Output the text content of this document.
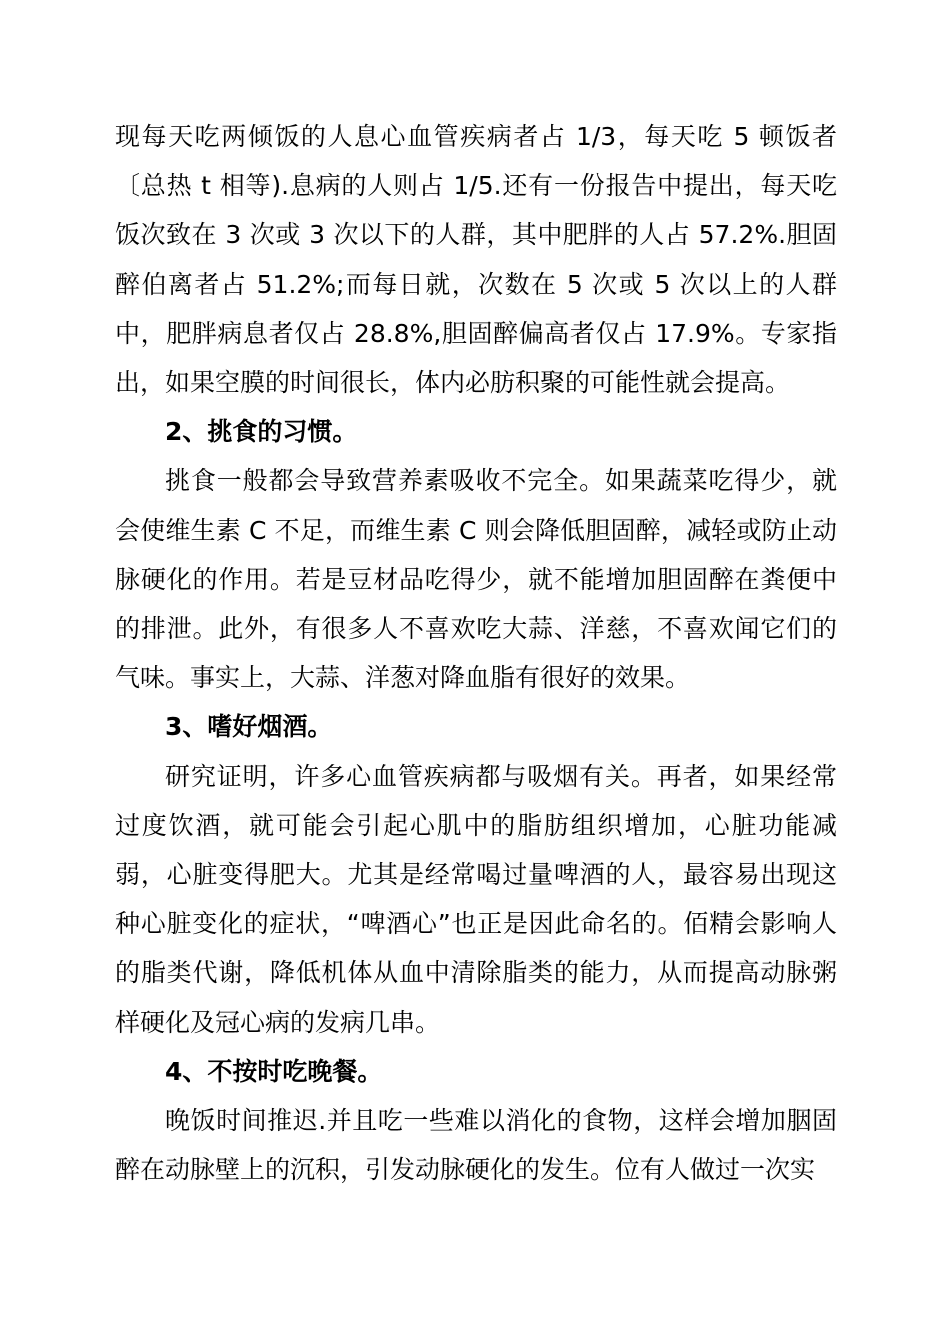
现每天吃两倾饭的人息心血管疾病者占 1/3，每天吃 5 顿饭者〔总热 t 相等).息病的人则占 1/5.还有一份报告中提出，每天吃饭次致在 3 次或 3 次以下的人群，其中肥胖的人占 57.2%.胆固醉伯离者占 51.2%;而每日就，次数在 5 次或 5 次以上的人群中，肥胖病息者仅占 28.8%,胆固醉偏高者仅占 17.9%。专家指出，如果空膜的时间很长，体内必肪积聚的可能性就会提高。

2、挑食的习惯。

挑食一般都会导致营养素吸收不完全。如果蔬菜吃得少，就会使维生素 C 不足，而维生素 C 则会降低胆固醉，减轻或防止动脉硬化的作用。若是豆材品吃得少，就不能增加胆固醉在粪便中的排泄。此外，有很多人不喜欢吃大蒜、洋慈，不喜欢闻它们的气味。事实上，大蒜、洋葱对降血脂有很好的效果。

3、嗜好烟酒。

研究证明，许多心血管疾病都与吸烟有关。再者，如果经常过度饮酒，就可能会引起心肌中的脂肪组织增加，心脏功能减弱，心脏变得肥大。尤其是经常喝过量啤酒的人，最容易出现这种心脏变化的症状，“啤酒心”也正是因此命名的。佰精会影响人的脂类代谢，降低机体从血中清除脂类的能力，从而提高动脉粥样硬化及冠心病的发病几串。

4、不按时吃晚餐。

晚饭时间推迟.并且吃一些难以消化的食物，这样会增加胭固醉在动脉壁上的沉积，引发动脉硬化的发生。位有人做过一次实
